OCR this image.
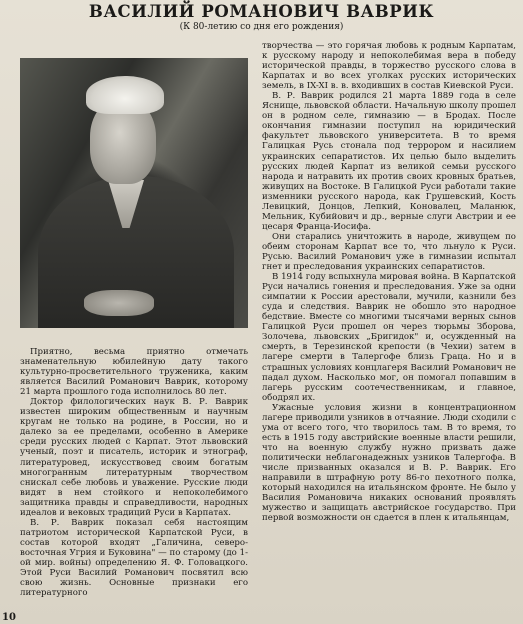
ВАСИЛИЙ РОМАНОВИЧ ВАВРИК
(К 80-летию со дня его рождения)

Приятно, весьма приятно отмечать знаменательную юбилейную дату такого культурно-просветительного труженика, каким является Василий Романович Ваврик, которому 21 марта прошлого года исполнилось 80 лет.

Доктор филологических наук В. Р. Ваврик известен широким общественным и научным кругам не только на родине, в России, но и далеко за ее пределами, особенно в Америке среди русских людей с Карпат. Этот львовский ученый, поэт и писатель, историк и этнограф, литературовед, искусствовед своим богатым многогранным литературным творчеством снискал себе любовь и уважение. Русские люди видят в нем стойкого и непоколебимого защитника правды и справедливости, народных идеалов и вековых традиций Руси в Карпатах.

В. Р. Ваврик показал себя настоящим патриотом исторической Карпатской Руси, в состав которой входят „Галичина, северо-восточная Угрия и Буковина" — по старому (до 1-ой мир. войны) определению Я. Ф. Головацкого. Этой Руси Василий Романович посвятил всю свою жизнь. Основные признаки его литературного

творчества — это горячая любовь к родным Карпатам, к русскому народу и непоколебимая вера в победу исторической правды, в торжество русского слова в Карпатах и во всех уголках русских исторических земель, в IX-XI в. в. входивших в состав Киевской Руси.

В. Р. Ваврик родился 21 марта 1889 года в селе Яснище, львовской области. Начальную школу прошел он в родном селе, гимназию — в Бродах. После окончания гимназии поступил на юридический факультет львовского университета. В то время Галицкая Русь стонала под террором и насилием украинских сепаратистов. Их целью было выделить русских людей Карпат из великой семьи русского народа и натравить их против своих кровных братьев, живущих на Востоке. В Галицкой Руси работали такие изменники русского народа, как Грушевский, Кость Левицкий, Донцов, Лепкий, Коновалец, Маланюк, Мельник, Кубийович и др., верные слуги Австрии и ее цесаря Франца-Иосифа.

Они старались уничтожить в народе, живущем по обеим сторонам Карпат все то, что льнуло к Руси. Русью. Василий Романович уже в гимназии испытал гнет и преследования украинских сепаратистов.

В 1914 году вспыхнула мировая война. В Карпатской Руси начались гонения и преследования. Уже за одни симпатии к России арестовали, мучили, казнили без суда и следствия. Ваврик не обошло это народное бедствие. Вместе со многими тысячами верных сынов Галицкой Руси прошел он через тюрьмы Зборова, Золочева, львовских „Бригидок" и, осужденный на смерть, в Терезинской крепости (в Чехии) затем в лагере смерти в Талергофе близь Граца. Но и в страшных условиях концлагеря Василий Романович не падал духом. Насколько мог, он помогал попавшим в лагерь русским соотечественникам, и главное, ободрял их.

Ужасные условия жизни в концентрационном лагере приводили узников в отчаяние. Люди сходили с ума от всего того, что творилось там. В то время, то есть в 1915 году австрийские военные власти решили, что на военную службу нужно призвать даже политически неблагонадежных узников Талергофа. В числе призванных оказался и В. Р. Ваврик. Его направили в штрафную роту 86-го пехотного полка, который находился на итальянском фронте. Не было у Василия Романовича никаких оснований проявлять мужество и защищать австрийское государство. При первой возможности он сдается в плен к итальянцам,

10
